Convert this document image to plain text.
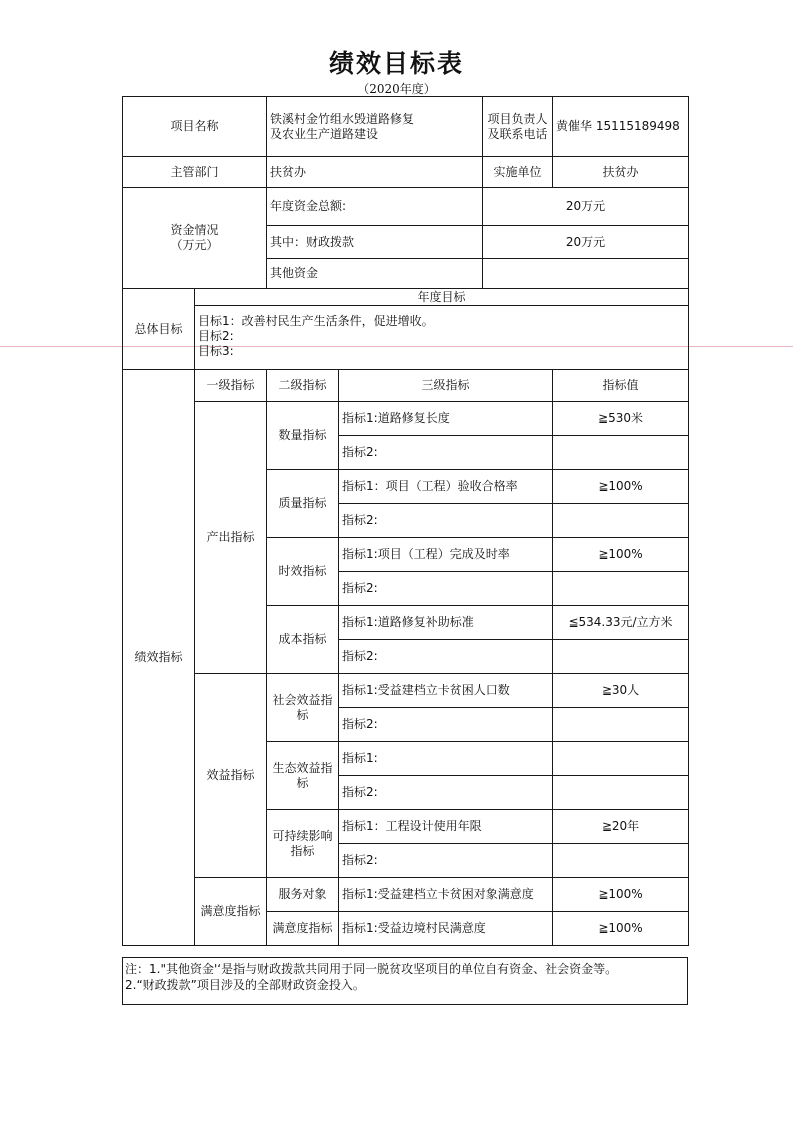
绩效目标表
（2020年度）
项目名称		铁溪村金竹组水毁道路修复及农业生产道路建设		项目负责人及联系电话	黄催华 15115189498
主管部门		扶贫办		实施单位	扶贫办

资金情况
（万元）		年度资金总额:		20万元	
		其中：财政拨款		20万元	
		其他资金			
总体目标	年度目标				

	目标1：改善村民生产生活条件，促进增收。
目标2:
目标3:				

绩效指标	一级指标	二级指标	三级指标		指标值
	产出指标	数量指标	指标1:道路修复长度		≧530米
			指标2:		
		质量指标	指标1：项目（工程）验收合格率		≧100%
			指标2:		
		时效指标	指标1:项目（工程）完成及时率		≧100%
			指标2:		
		成本指标	指标1:道路修复补助标准		≦534.33元/立方米
			指标2:		
	效益指标	社会效益指标	指标1:受益建档立卡贫困人口数		≧30人
			指标2:		

		生态效益指标	指标1:		
			指标2:		

		可持续影响指标	指标1：工程设计使用年限		≧20年
			指标2:		
	满意度指标	服务对象	指标1:受益建档立卡贫困对象满意度		≧100%
		满意度指标	指标1:受益边境村民满意度		≧100%
注：1."其他资金'‘是指与财政拨款共同用于同一脱贫攻坚项目的单位自有资金、社会资金等。
2.“财政拨款”项目涉及的全部财政资金投入。
